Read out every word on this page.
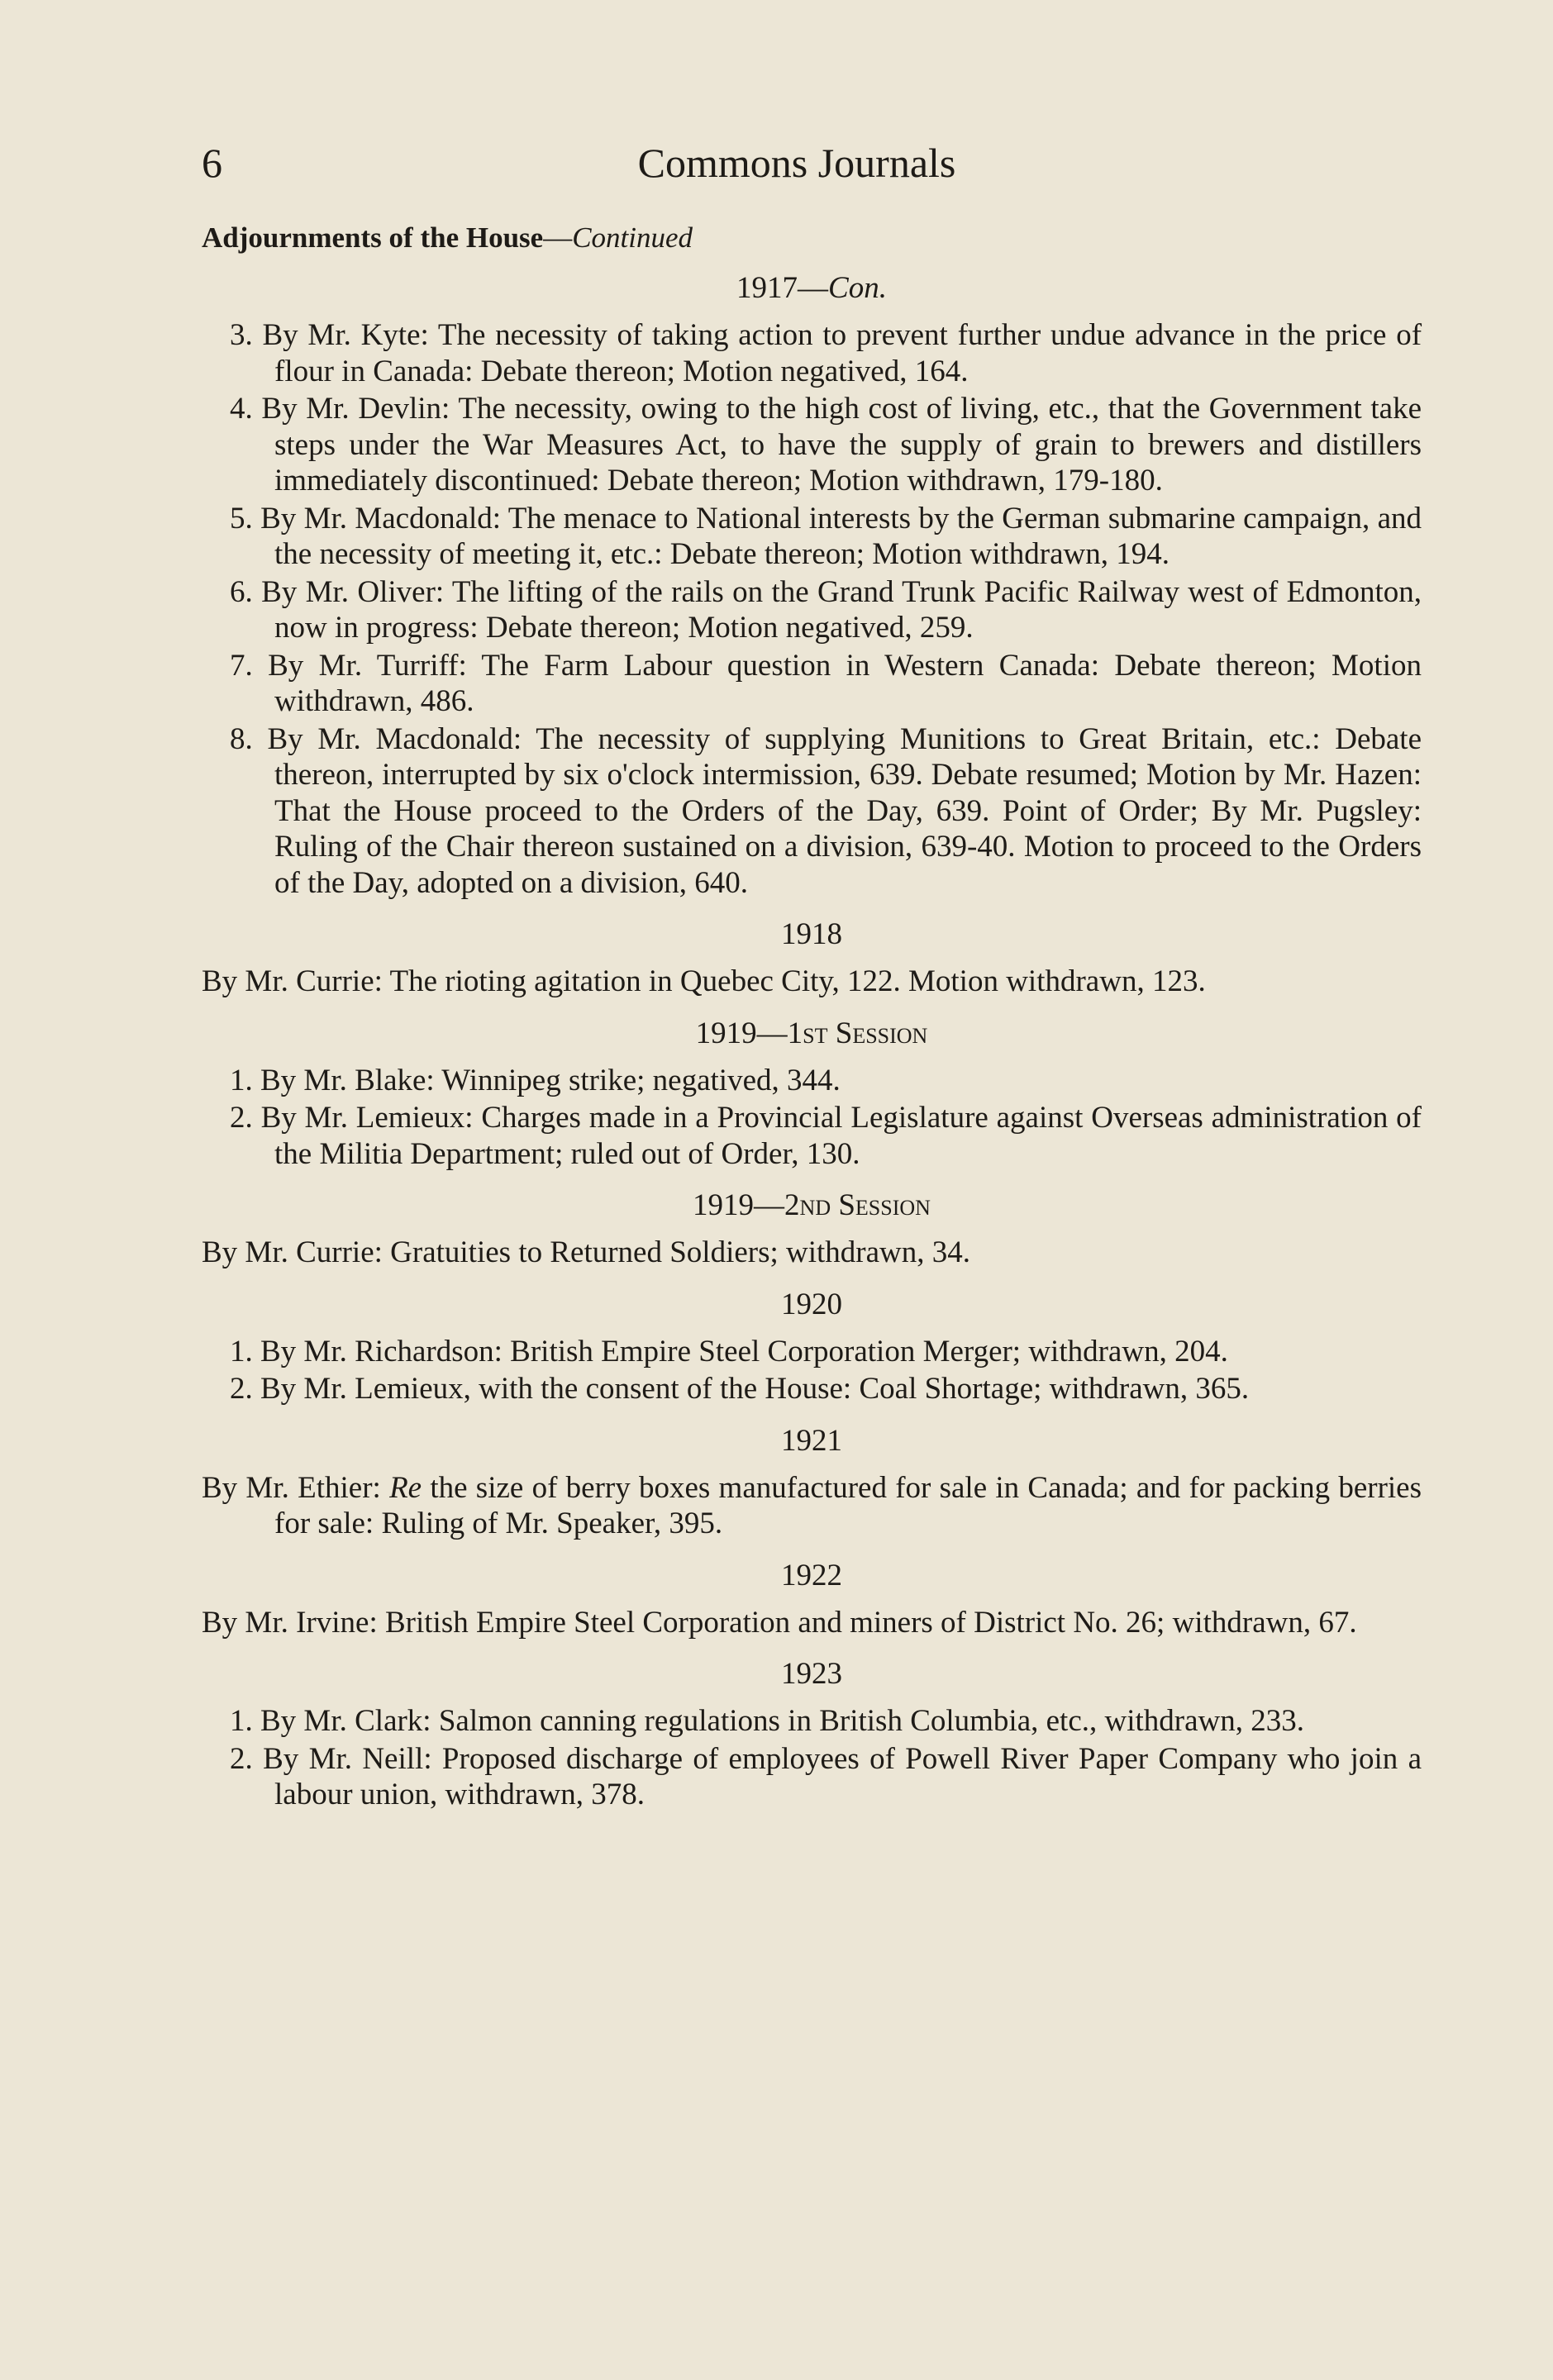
6	Commons Journals
Adjournments of the House—Continued
1917—Con.

3. By Mr. Kyte: The necessity of taking action to prevent further undue advance in the price of flour in Canada: Debate thereon; Motion negatived, 164.

4. By Mr. Devlin: The necessity, owing to the high cost of living, etc., that the Government take steps under the War Measures Act, to have the supply of grain to brewers and distillers immediately discontinued: Debate thereon; Motion withdrawn, 179-180.

5. By Mr. Macdonald: The menace to National interests by the German submarine campaign, and the necessity of meeting it, etc.: Debate thereon; Motion withdrawn, 194.

6. By Mr. Oliver: The lifting of the rails on the Grand Trunk Pacific Railway west of Edmonton, now in progress: Debate thereon; Motion negatived, 259.

7. By Mr. Turriff: The Farm Labour question in Western Canada: Debate thereon; Motion withdrawn, 486.

8. By Mr. Macdonald: The necessity of supplying Munitions to Great Britain, etc.: Debate thereon, interrupted by six o'clock intermission, 639. Debate resumed; Motion by Mr. Hazen: That the House proceed to the Orders of the Day, 639. Point of Order; By Mr. Pugsley: Ruling of the Chair thereon sustained on a division, 639-40. Motion to proceed to the Orders of the Day, adopted on a division, 640.

1918

By Mr. Currie: The rioting agitation in Quebec City, 122. Motion withdrawn, 123.

1919—1st Session

1. By Mr. Blake: Winnipeg strike; negatived, 344.

2. By Mr. Lemieux: Charges made in a Provincial Legislature against Overseas administration of the Militia Department; ruled out of Order, 130.

1919—2nd Session

By Mr. Currie: Gratuities to Returned Soldiers; withdrawn, 34.

1920

1. By Mr. Richardson: British Empire Steel Corporation Merger; withdrawn, 204.

2. By Mr. Lemieux, with the consent of the House: Coal Shortage; withdrawn, 365.

1921

By Mr. Ethier: Re the size of berry boxes manufactured for sale in Canada; and for packing berries for sale: Ruling of Mr. Speaker, 395.

1922

By Mr. Irvine: British Empire Steel Corporation and miners of District No. 26; withdrawn, 67.

1923

1. By Mr. Clark: Salmon canning regulations in British Columbia, etc., withdrawn, 233.

2. By Mr. Neill: Proposed discharge of employees of Powell River Paper Company who join a labour union, withdrawn, 378.
